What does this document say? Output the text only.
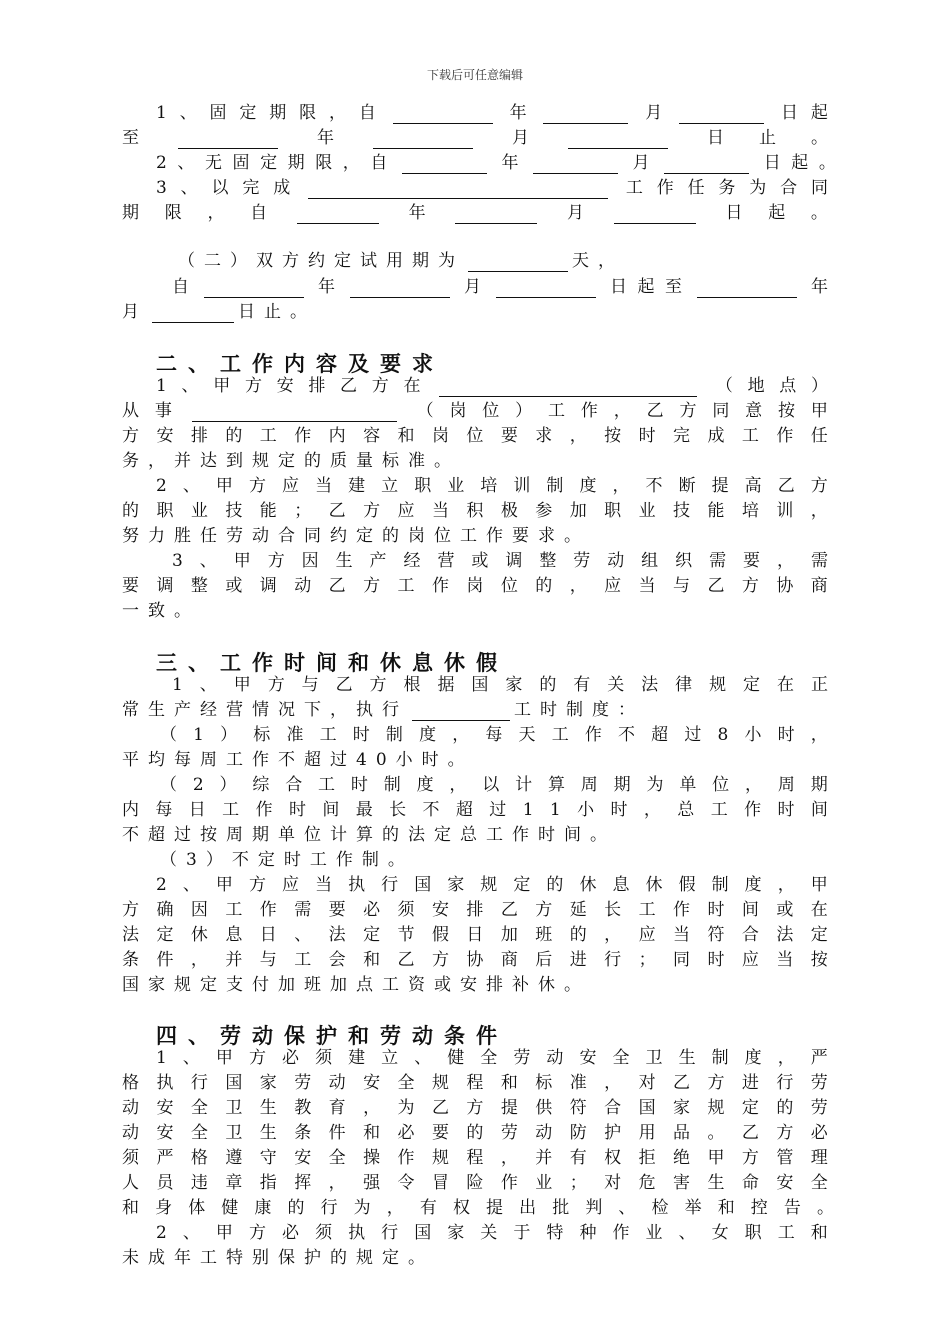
下载后可任意编辑
1 、 固 定 期 限 ， 自	年	月	日 起
至	年	月	日 止 。
2 、 无 固 定 期 限 ， 自	年	月	日 起 。
3 、 以 完 成	工 作 任 务 为 合 同
期 限 ， 自	年	月	日 起 。
（ 二 ） 双 方 约 定 试 用 期 为	天 ，
自	年	月	日 起 至	年
月	日 止 。
二、工作内容及要求
1 、 甲 方 安 排 乙 方 在	（ 地 点 ）
从 事	（ 岗 位 ） 工 作 ， 乙 方 同 意 按 甲
方 安 排 的 工 作 内 容 和 岗 位 要 求 ， 按 时 完 成 工 作 任
务 ， 并 达 到 规 定 的 质 量 标 准 。
2 、 甲 方 应 当 建 立 职 业 培 训 制 度 ， 不 断 提 高 乙 方
的 职 业 技 能 ； 乙 方 应 当 积 极 参 加 职 业 技 能 培 训 ，
努 力 胜 任 劳 动 合 同 约 定 的 岗 位 工 作 要 求 。
3 、 甲 方 因 生 产 经 营 或 调 整 劳 动 组 织 需 要 ， 需
要 调 整 或 调 动 乙 方 工 作 岗 位 的 ， 应 当 与 乙 方 协 商
一 致 。
三、工作时间和休息休假
1 、 甲 方 与 乙 方 根 据 国 家 的 有 关 法 律 规 定 在 正
常 生 产 经 营 情 况 下 ， 执 行	工 时 制 度 ：
（ 1 ） 标 准 工 时 制 度 ， 每 天 工 作 不 超 过 8 小 时 ，
平 均 每 周 工 作 不 超 过 4 0 小 时 。
（ 2 ） 综 合 工 时 制 度 ， 以 计 算 周 期 为 单 位 ， 周 期
内 每 日 工 作 时 间 最 长 不 超 过 1 1 小 时 ， 总 工 作 时 间
不 超 过 按 周 期 单 位 计 算 的 法 定 总 工 作 时 间 。
（ 3 ） 不 定 时 工 作 制 。
2 、 甲 方 应 当 执 行 国 家 规 定 的 休 息 休 假 制 度 ， 甲
方 确 因 工 作 需 要 必 须 安 排 乙 方 延 长 工 作 时 间 或 在
法 定 休 息 日 、 法 定 节 假 日 加 班 的 ， 应 当 符 合 法 定
条 件 ， 并 与 工 会 和 乙 方 协 商 后 进 行 ； 同 时 应 当 按
国 家 规 定 支 付 加 班 加 点 工 资 或 安 排 补 休 。
四、劳动保护和劳动条件
1 、 甲 方 必 须 建 立 、 健 全 劳 动 安 全 卫 生 制 度 ， 严
格 执 行 国 家 劳 动 安 全 规 程 和 标 准 ， 对 乙 方 进 行 劳
动 安 全 卫 生 教 育 ， 为 乙 方 提 供 符 合 国 家 规 定 的 劳
动 安 全 卫 生 条 件 和 必 要 的 劳 动 防 护 用 品 。 乙 方 必
须 严 格 遵 守 安 全 操 作 规 程 ， 并 有 权 拒 绝 甲 方 管 理
人 员 违 章 指 挥 ， 强 令 冒 险 作 业 ； 对 危 害 生 命 安 全
和 身 体 健 康 的 行 为 ， 有 权 提 出 批 判 、 检 举 和 控 告 。
2 、 甲 方 必 须 执 行 国 家 关 于 特 种 作 业 、 女 职 工 和
未 成 年 工 特 别 保 护 的 规 定 。
